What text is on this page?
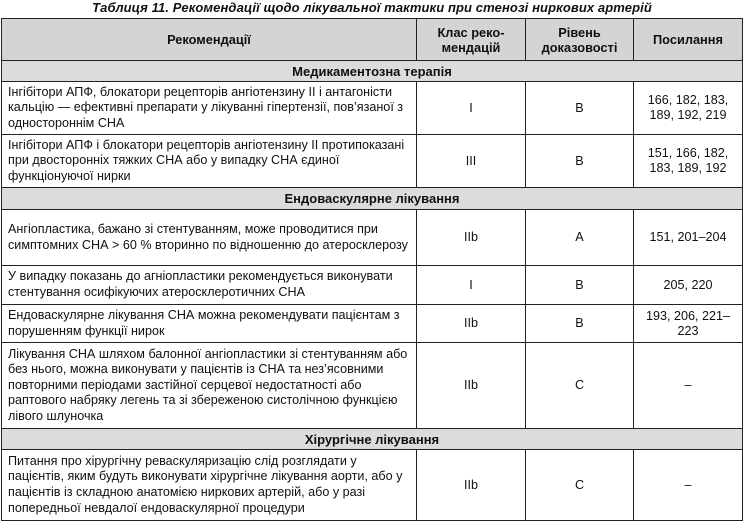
Таблиця 11. Рекомендації щодо лікувальної тактики при стенозі ниркових артерій
Рекомендації	Клас реко-мендацій	Рівень доказовості	Посилання
Медикаментозна терапія			
Інгібітори АПФ, блокатори рецепторів ангіотензину II і антагоністи кальцію — ефективні препарати у лікуванні гіпертензії, пов’язаної з одностороннім СНА	I	B	166, 182, 183, 189, 192, 219
Інгібітори АПФ і блокатори рецепторів ангіотензину II протипоказані при двосторонніх тяжких СНА або у випадку СНА єдиної функціонуючої нирки	III	B	151, 166, 182, 183, 189, 192
Ендоваскулярне лікування			
Ангіопластика, бажано зі стентуванням, може проводитися при симптомних СНА > 60 % вторинно по відношенню до атеросклерозу	IIb	A	151, 201–204
У випадку показань до агніопластики рекомендується виконувати стентування осифікуючих атеросклеротичних СНА	I	B	205, 220
Ендоваскулярне лікування СНА можна рекомендувати пацієнтам з порушенням функції нирок	IIb	B	193, 206, 221–223
Лікування СНА шляхом балонної ангіопластики зі стентуванням або без нього, можна виконувати у пацієнтів із СНА та нез’ясовними повторними періодами застійної серцевої недостатності або раптового набряку легень та зі збереженою систолічною функцією лівого шлуночка	IIb	C	–
Хірургічне лікування			
Питання про хірургічну реваскуляризацію слід розглядати у пацієнтів, яким будуть виконувати хірургічне лікування аорти, або у пацієнтів із складною анатомією ниркових артерій, або у разі попередньої невдалої ендоваскулярної процедури	IIb	C	–
